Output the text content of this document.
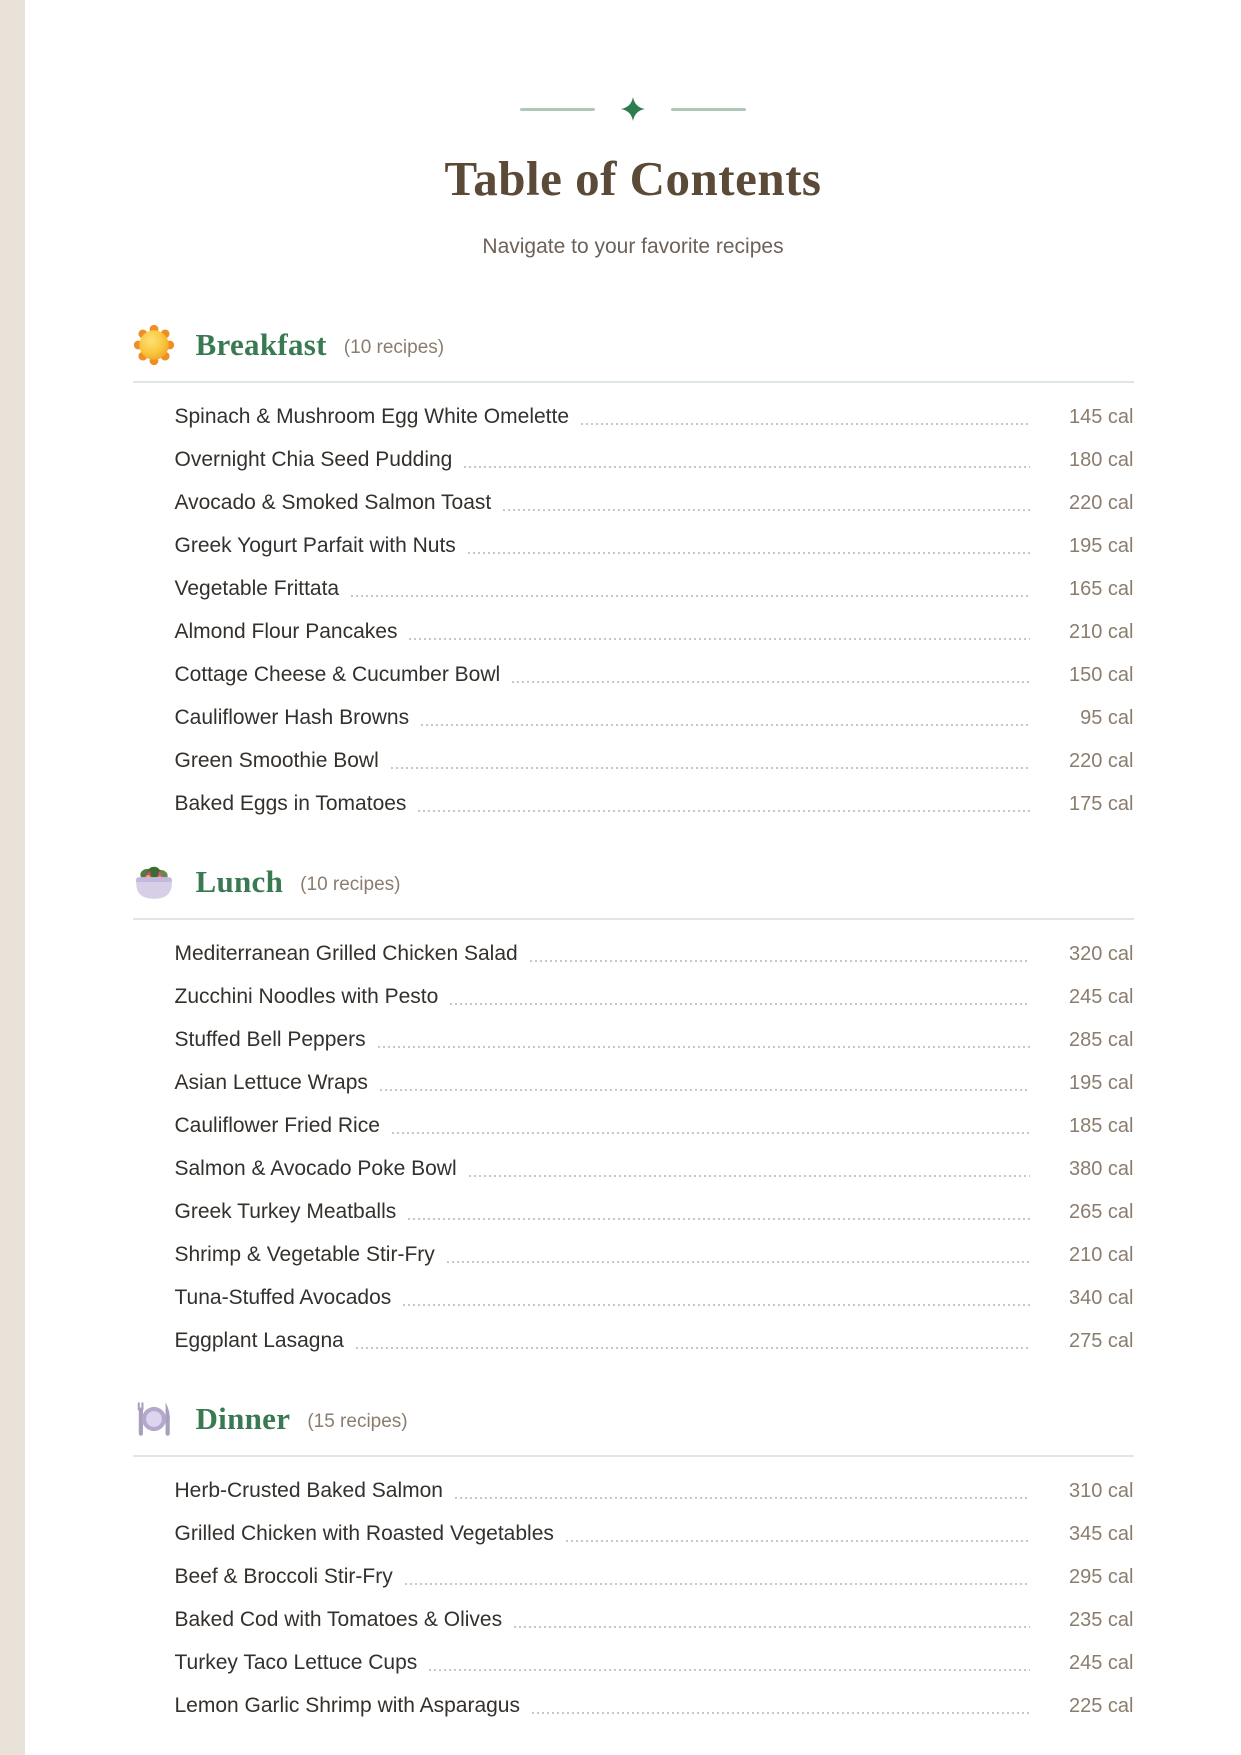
Table of Contents

Navigate to your favorite recipes

Breakfast (10 recipes)
Spinach & Mushroom Egg White Omelette	145 cal
Overnight Chia Seed Pudding	180 cal
Avocado & Smoked Salmon Toast	220 cal
Greek Yogurt Parfait with Nuts	195 cal
Vegetable Frittata	165 cal
Almond Flour Pancakes	210 cal
Cottage Cheese & Cucumber Bowl	150 cal
Cauliflower Hash Browns	95 cal
Green Smoothie Bowl	220 cal
Baked Eggs in Tomatoes	175 cal
Lunch (10 recipes)
Mediterranean Grilled Chicken Salad	320 cal
Zucchini Noodles with Pesto	245 cal
Stuffed Bell Peppers	285 cal
Asian Lettuce Wraps	195 cal
Cauliflower Fried Rice	185 cal
Salmon & Avocado Poke Bowl	380 cal
Greek Turkey Meatballs	265 cal
Shrimp & Vegetable Stir-Fry	210 cal
Tuna-Stuffed Avocados	340 cal
Eggplant Lasagna	275 cal
Dinner (15 recipes)
Herb-Crusted Baked Salmon	310 cal
Grilled Chicken with Roasted Vegetables	345 cal
Beef & Broccoli Stir-Fry	295 cal
Baked Cod with Tomatoes & Olives	235 cal
Turkey Taco Lettuce Cups	245 cal
Lemon Garlic Shrimp with Asparagus	225 cal
